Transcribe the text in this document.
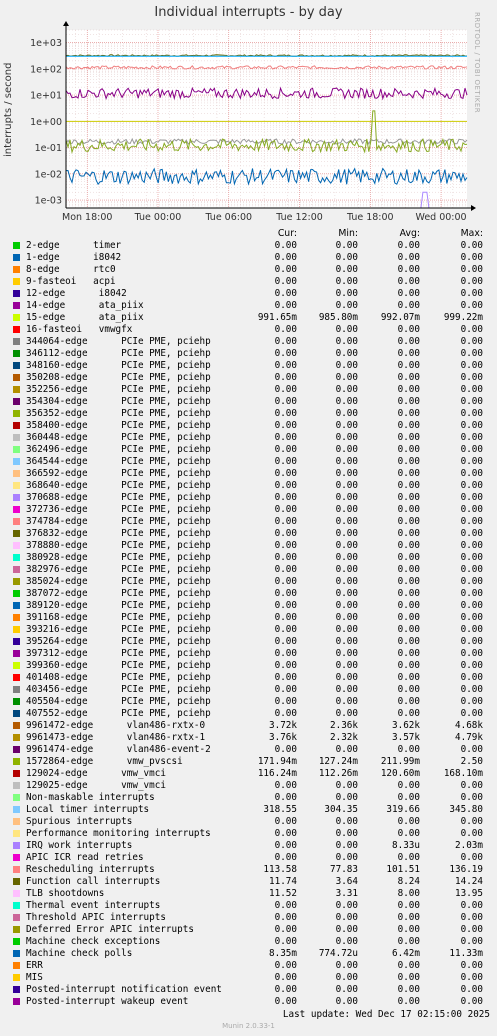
Individual interrupts - by day	RRDTOOL / TOBI OETIKER
interrupts / second
1e+03
1e+02
1e+01
1e+00
1e-01
1e-02
1e-03
Mon 18:00 Tue 00:00	Tue 06:00	Tue 12:00	Tue 18:00 Wed 00:00
Cur:	Min:	Avg:	Max:
2-edge      timer	0.00	0.00	0.00	0.00
1-edge      i8042	0.00	0.00	0.00	0.00
8-edge      rtc0	0.00	0.00	0.00	0.00
9-fasteoi   acpi	0.00	0.00	0.00	0.00
12-edge      i8042	0.00	0.00	0.00	0.00
14-edge      ata_piix	0.00	0.00	0.00	0.00
15-edge      ata_piix	991.65m	985.80m	992.07m	999.22m
16-fasteoi   vmwgfx	0.00	0.00	0.00	0.00
344064-edge      PCIe PME, pciehp	0.00	0.00	0.00	0.00
346112-edge      PCIe PME, pciehp	0.00	0.00	0.00	0.00
348160-edge      PCIe PME, pciehp	0.00	0.00	0.00	0.00
350208-edge      PCIe PME, pciehp	0.00	0.00	0.00	0.00
352256-edge      PCIe PME, pciehp	0.00	0.00	0.00	0.00
354304-edge      PCIe PME, pciehp	0.00	0.00	0.00	0.00
356352-edge      PCIe PME, pciehp	0.00	0.00	0.00	0.00
358400-edge      PCIe PME, pciehp	0.00	0.00	0.00	0.00
360448-edge      PCIe PME, pciehp	0.00	0.00	0.00	0.00
362496-edge      PCIe PME, pciehp	0.00	0.00	0.00	0.00
364544-edge      PCIe PME, pciehp	0.00	0.00	0.00	0.00
366592-edge      PCIe PME, pciehp	0.00	0.00	0.00	0.00
368640-edge      PCIe PME, pciehp	0.00	0.00	0.00	0.00
370688-edge      PCIe PME, pciehp	0.00	0.00	0.00	0.00
372736-edge      PCIe PME, pciehp	0.00	0.00	0.00	0.00
374784-edge      PCIe PME, pciehp	0.00	0.00	0.00	0.00
376832-edge      PCIe PME, pciehp	0.00	0.00	0.00	0.00
378880-edge      PCIe PME, pciehp	0.00	0.00	0.00	0.00
380928-edge      PCIe PME, pciehp	0.00	0.00	0.00	0.00
382976-edge      PCIe PME, pciehp	0.00	0.00	0.00	0.00
385024-edge      PCIe PME, pciehp	0.00	0.00	0.00	0.00
387072-edge      PCIe PME, pciehp	0.00	0.00	0.00	0.00
389120-edge      PCIe PME, pciehp	0.00	0.00	0.00	0.00
391168-edge      PCIe PME, pciehp	0.00	0.00	0.00	0.00
393216-edge      PCIe PME, pciehp	0.00	0.00	0.00	0.00
395264-edge      PCIe PME, pciehp	0.00	0.00	0.00	0.00
397312-edge      PCIe PME, pciehp	0.00	0.00	0.00	0.00
399360-edge      PCIe PME, pciehp	0.00	0.00	0.00	0.00
401408-edge      PCIe PME, pciehp	0.00	0.00	0.00	0.00
403456-edge      PCIe PME, pciehp	0.00	0.00	0.00	0.00
405504-edge      PCIe PME, pciehp	0.00	0.00	0.00	0.00
407552-edge      PCIe PME, pciehp	0.00	0.00	0.00	0.00
9961472-edge      vlan486-rxtx-0	3.72k	2.36k	3.62k	4.68k
9961473-edge      vlan486-rxtx-1	3.76k	2.32k	3.57k	4.79k
9961474-edge      vlan486-event-2	0.00	0.00	0.00	0.00
1572864-edge      vmw_pvscsi	171.94m	127.24m	211.99m	2.50
129024-edge      vmw_vmci	116.24m	112.26m	120.60m	168.10m
129025-edge      vmw_vmci	0.00	0.00	0.00	0.00
Non-maskable interrupts	0.00	0.00	0.00	0.00
Local timer interrupts	318.55	304.35	319.66	345.80
Spurious interrupts	0.00	0.00	0.00	0.00
Performance monitoring interrupts	0.00	0.00	0.00	0.00
IRQ work interrupts	0.00	0.00	8.33u	2.03m
APIC ICR read retries	0.00	0.00	0.00	0.00
Rescheduling interrupts	113.58	77.83	101.51	136.19
Function call interrupts	11.74	3.64	8.24	14.24
TLB shootdowns	11.52	3.31	8.00	13.95
Thermal event interrupts	0.00	0.00	0.00	0.00
Threshold APIC interrupts	0.00	0.00	0.00	0.00
Deferred Error APIC interrupts	0.00	0.00	0.00	0.00
Machine check exceptions	0.00	0.00	0.00	0.00
Machine check polls	8.35m	774.72u	6.42m	11.33m
ERR	0.00	0.00	0.00	0.00
MIS	0.00	0.00	0.00	0.00
Posted-interrupt notification event	0.00	0.00	0.00	0.00
Posted-interrupt wakeup event	0.00	0.00	0.00	0.00
Last update: Wed Dec 17 02:15:00 2025
Munin 2.0.33-1
